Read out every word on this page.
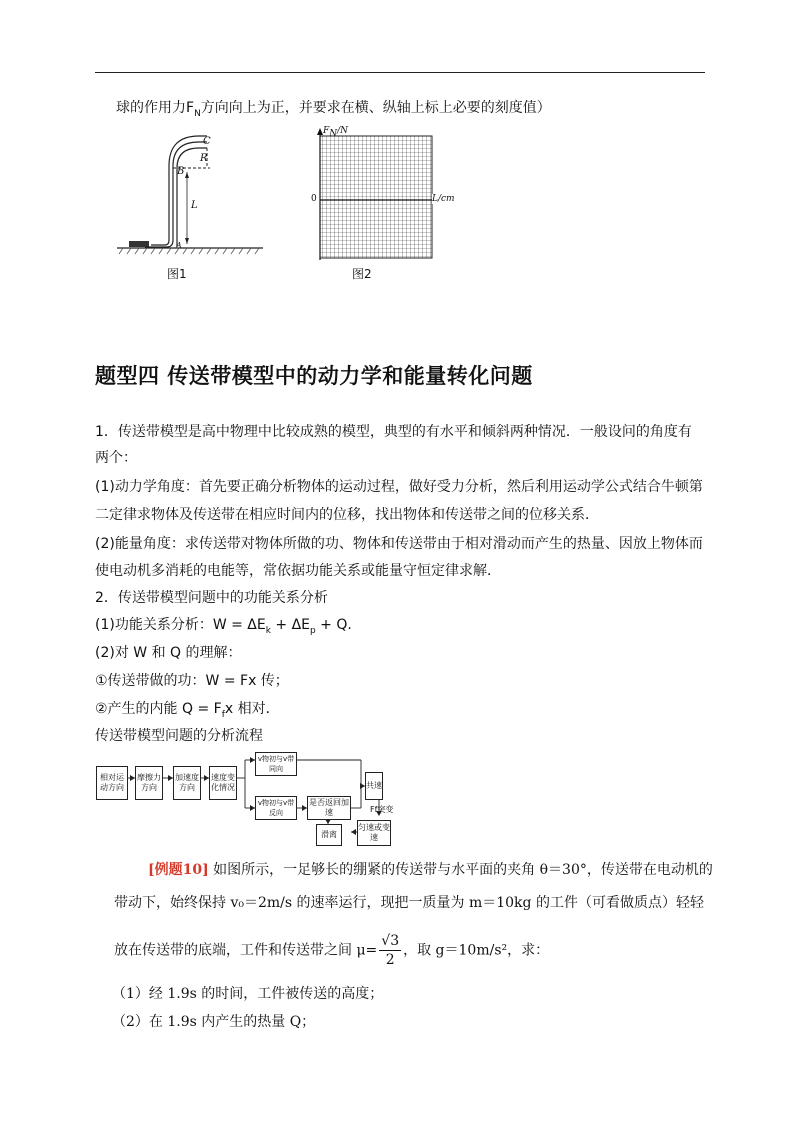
球的作用力$F_N$方向向上为正，并要求在横、纵轴上标上必要的刻度值）
C
R
B
L
A
图1
$F_N/N$
L/cm
0
图2
题型四 传送带模型中的动力学和能量转化问题
1．传送带模型是高中物理中比较成熟的模型，典型的有水平和倾斜两种情况．一般设问的角度有
两个：
(1)动力学角度：首先要正确分析物体的运动过程，做好受力分析，然后利用运动学公式结合牛顿第
二定律求物体及传送带在相应时间内的位移，找出物体和传送带之间的位移关系．
(2)能量角度：求传送带对物体所做的功、物体和传送带由于相对滑动而产生的热量、因放上物体而
使电动机多消耗的电能等，常依据功能关系或能量守恒定律求解．
2．传送带模型问题中的功能关系分析
(1)功能关系分析：$W = \Delta E_k + \Delta E_p + Q$.
(2)对 W 和 Q 的理解：
①传送带做的功：W = Fx 传；
②产生的内能 $Q = F_fx$ 相对．
传送带模型问题的分析流程
相对运动方向
摩擦力方向
加速度方向
速度变化情况
v物初与v带同向
v物初与v带反向
是否返回加速
共速
Ff突变
匀速或变速
滑离
[例题10] 如图所示，一足够长的绷紧的传送带与水平面的夹角 θ＝30°，传送带在电动机的
带动下，始终保持 v₀＝2m/s 的速率运行，现把一质量为 m＝10kg 的工件（可看做质点）轻轻
放在传送带的底端，工件和传送带之间 $\mu= \frac{√3}{2}$ ，取 g＝10m/s²，求：
（1）经 1.9s 的时间，工件被传送的高度；
（2）在 1.9s 内产生的热量 Q；
